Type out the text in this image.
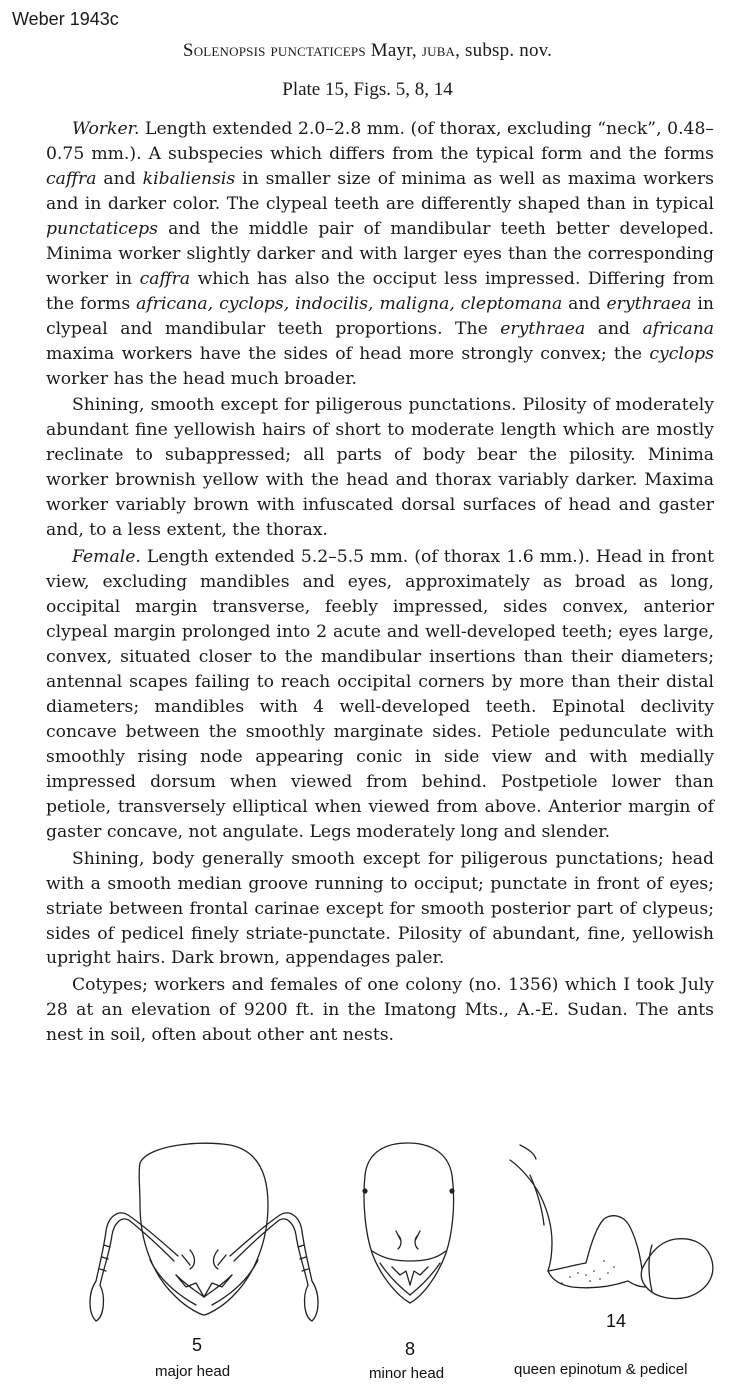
Weber 1943c
Solenopsis punctaticeps Mayr, juba, subsp. nov.
Plate 15, Figs. 5, 8, 14

Worker. Length extended 2.0–2.8 mm. (of thorax, excluding “neck”, 0.48–0.75 mm.). A subspecies which differs from the typical form and the forms caffra and kibaliensis in smaller size of minima as well as maxima workers and in darker color. The clypeal teeth are differently shaped than in typical punctaticeps and the middle pair of mandibular teeth better developed. Minima worker slightly darker and with larger eyes than the corresponding worker in caffra which has also the occiput less impressed. Differing from the forms africana, cyclops, indocilis, maligna, cleptomana and erythraea in clypeal and mandibular teeth proportions. The erythraea and africana maxima workers have the sides of head more strongly convex; the cyclops worker has the head much broader.

Shining, smooth except for piligerous punctations. Pilosity of moderately abundant fine yellowish hairs of short to moderate length which are mostly reclinate to subappressed; all parts of body bear the pilosity. Minima worker brownish yellow with the head and thorax variably darker. Maxima worker variably brown with infuscated dorsal surfaces of head and gaster and, to a less extent, the thorax.

Female. Length extended 5.2–5.5 mm. (of thorax 1.6 mm.). Head in front view, excluding mandibles and eyes, approximately as broad as long, occipital margin transverse, feebly impressed, sides convex, anterior clypeal margin prolonged into 2 acute and well-developed teeth; eyes large, convex, situated closer to the mandibular insertions than their diameters; antennal scapes failing to reach occipital corners by more than their distal diameters; mandibles with 4 well-developed teeth. Epinotal declivity concave between the smoothly marginate sides. Petiole pedunculate with smoothly rising node appearing conic in side view and with medially impressed dorsum when viewed from behind. Postpetiole lower than petiole, transversely elliptical when viewed from above. Anterior margin of gaster concave, not angulate. Legs moderately long and slender.

Shining, body generally smooth except for piligerous punctations; head with a smooth median groove running to occiput; punctate in front of eyes; striate between frontal carinae except for smooth posterior part of clypeus; sides of pedicel finely striate-punctate. Pilosity of abundant, fine, yellowish upright hairs. Dark brown, appendages paler.

Cotypes; workers and females of one colony (no. 1356) which I took July 28 at an elevation of 9200 ft. in the Imatong Mts., A.-E. Sudan. The ants nest in soil, often about other ant nests.

5
major head
8
minor head
14
queen epinotum & pedicel
